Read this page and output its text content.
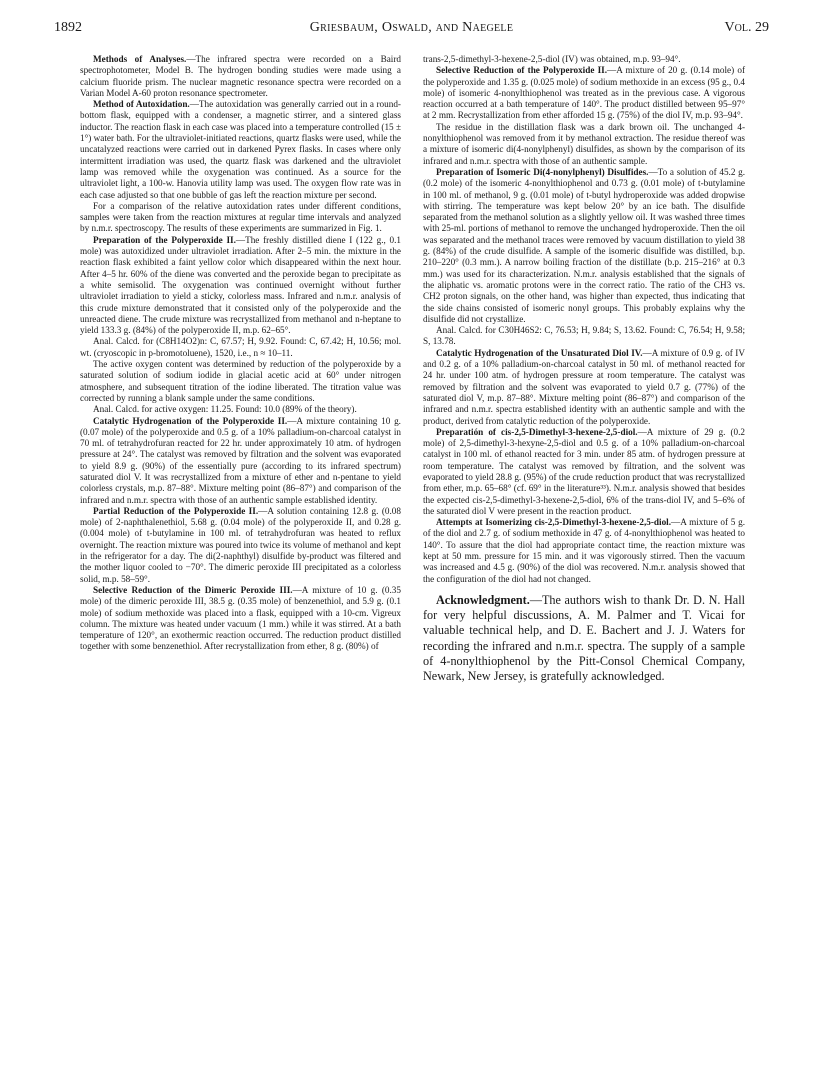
1892	Griesbaum, Oswald, and Naegele	Vol. 29

Methods of Analyses.—The infrared spectra were recorded on a Baird spectrophotometer, Model B. The hydrogen bonding studies were made using a calcium fluoride prism. The nuclear magnetic resonance spectra were recorded on a Varian Model A-60 proton resonance spectrometer.

Method of Autoxidation.—The autoxidation was generally carried out in a round-bottom flask, equipped with a condenser, a magnetic stirrer, and a sintered glass inductor. The reaction flask in each case was placed into a temperature controlled (15 ± 1°) water bath. For the ultraviolet-initiated reactions, quartz flasks were used, while the uncatalyzed reactions were carried out in darkened Pyrex flasks. In cases where only intermittent irradiation was used, the quartz flask was darkened and the ultraviolet lamp was removed while the oxygenation was continued. As a source for the ultraviolet light, a 100-w. Hanovia utility lamp was used. The oxygen flow rate was in each case adjusted so that one bubble of gas left the reaction mixture per second.

For a comparison of the relative autoxidation rates under different conditions, samples were taken from the reaction mixtures at regular time intervals and analyzed by n.m.r. spectroscopy. The results of these experiments are summarized in Fig. 1.

Preparation of the Polyperoxide II.—The freshly distilled diene I (122 g., 0.1 mole) was autoxidized under ultraviolet irradiation. After 2–5 min. the mixture in the reaction flask exhibited a faint yellow color which disappeared within the next hour. After 4–5 hr. 60% of the diene was converted and the peroxide began to precipitate as a white semisolid. The oxygenation was continued overnight without further ultraviolet irradiation to yield a sticky, colorless mass. Infrared and n.m.r. analysis of this crude mixture demonstrated that it consisted only of the polyperoxide and the unreacted diene. The crude mixture was recrystallized from methanol and n-heptane to yield 133.3 g. (84%) of the polyperoxide II, m.p. 62–65°.

Anal. Calcd. for (C8H14O2)n: C, 67.57; H, 9.92. Found: C, 67.42; H, 10.56; mol. wt. (cryoscopic in p-bromotoluene), 1520, i.e., n ≈ 10–11.

The active oxygen content was determined by reduction of the polyperoxide by a saturated solution of sodium iodide in glacial acetic acid at 60° under nitrogen atmosphere, and subsequent titration of the iodine liberated. The titration value was corrected by running a blank sample under the same conditions.

Anal. Calcd. for active oxygen: 11.25. Found: 10.0 (89% of the theory).

Catalytic Hydrogenation of the Polyperoxide II.—A mixture containing 10 g. (0.07 mole) of the polyperoxide and 0.5 g. of a 10% palladium-on-charcoal catalyst in 70 ml. of tetrahydrofuran reacted for 22 hr. under approximately 10 atm. of hydrogen pressure at 24°. The catalyst was removed by filtration and the solvent was evaporated to yield 8.9 g. (90%) of the essentially pure (according to its infrared spectrum) saturated diol V. It was recrystallized from a mixture of ether and n-pentane to yield colorless crystals, m.p. 87–88°. Mixture melting point (86–87°) and comparison of the infrared and n.m.r. spectra with those of an authentic sample established identity.

Partial Reduction of the Polyperoxide II.—A solution containing 12.8 g. (0.08 mole) of 2-naphthalenethiol, 5.68 g. (0.04 mole) of the polyperoxide II, and 0.28 g. (0.004 mole) of t-butylamine in 100 ml. of tetrahydrofuran was heated to reflux overnight. The reaction mixture was poured into twice its volume of methanol and kept in the refrigerator for a day. The di(2-naphthyl) disulfide by-product was filtered and the mother liquor cooled to −70°. The dimeric peroxide III precipitated as a colorless solid, m.p. 58–59°.

Selective Reduction of the Dimeric Peroxide III.—A mixture of 10 g. (0.35 mole) of the dimeric peroxide III, 38.5 g. (0.35 mole) of benzenethiol, and 5.9 g. (0.1 mole) of sodium methoxide was placed into a flask, equipped with a 10-cm. Vigreux column. The mixture was heated under vacuum (1 mm.) while it was stirred. At a bath temperature of 120°, an exothermic reaction occurred. The reduction product distilled together with some benzenethiol. After recrystallization from ether, 8 g. (80%) of

trans-2,5-dimethyl-3-hexene-2,5-diol (IV) was obtained, m.p. 93–94°.

Selective Reduction of the Polyperoxide II.—A mixture of 20 g. (0.14 mole) of the polyperoxide and 1.35 g. (0.025 mole) of sodium methoxide in an excess (95 g., 0.4 mole) of isomeric 4-nonylthiophenol was treated as in the previous case. A vigorous reaction occurred at a bath temperature of 140°. The product distilled between 95–97° at 2 mm. Recrystallization from ether afforded 15 g. (75%) of the diol IV, m.p. 93–94°.

The residue in the distillation flask was a dark brown oil. The unchanged 4-nonylthiophenol was removed from it by methanol extraction. The residue thereof was a mixture of isomeric di(4-nonylphenyl) disulfides, as shown by the comparison of its infrared and n.m.r. spectra with those of an authentic sample.

Preparation of Isomeric Di(4-nonylphenyl) Disulfides.—To a solution of 45.2 g. (0.2 mole) of the isomeric 4-nonylthiophenol and 0.73 g. (0.01 mole) of t-butylamine in 100 ml. of methanol, 9 g. (0.01 mole) of t-butyl hydroperoxide was added dropwise with stirring. The temperature was kept below 20° by an ice bath. The disulfide separated from the methanol solution as a slightly yellow oil. It was washed three times with 25-ml. portions of methanol to remove the unchanged hydroperoxide. Then the oil was separated and the methanol traces were removed by vacuum distillation to yield 38 g. (84%) of the crude disulfide. A sample of the isomeric disulfide was distilled, b.p. 210–220° (0.3 mm.). A narrow boiling fraction of the distillate (b.p. 215–216° at 0.3 mm.) was used for its characterization. N.m.r. analysis established that the signals of the aliphatic vs. aromatic protons were in the correct ratio. The ratio of the CH3 vs. CH2 proton signals, on the other hand, was higher than expected, thus indicating that the side chains consisted of isomeric nonyl groups. This probably explains why the disulfide did not crystallize.

Anal. Calcd. for C30H46S2: C, 76.53; H, 9.84; S, 13.62. Found: C, 76.54; H, 9.58; S, 13.78.

Catalytic Hydrogenation of the Unsaturated Diol IV.—A mixture of 0.9 g. of IV and 0.2 g. of a 10% palladium-on-charcoal catalyst in 50 ml. of methanol reacted for 24 hr. under 100 atm. of hydrogen pressure at room temperature. The catalyst was removed by filtration and the solvent was evaporated to yield 0.7 g. (77%) of the saturated diol V, m.p. 87–88°. Mixture melting point (86–87°) and comparison of the infrared and n.m.r. spectra established identity with an authentic sample and with the product, derived from catalytic reduction of the polyperoxide.

Preparatión of cis-2,5-Dimethyl-3-hexene-2,5-diol.—A mixture of 29 g. (0.2 mole) of 2,5-dimethyl-3-hexyne-2,5-diol and 0.5 g. of a 10% palladium-on-charcoal catalyst in 100 ml. of ethanol reacted for 3 min. under 85 atm. of hydrogen pressure at room temperature. The catalyst was removed by filtration, and the solvent was evaporated to yield 28.8 g. (95%) of the crude reduction product that was recrystallized from ether, m.p. 65–68° (cf. 69° in the literature³³). N.m.r. analysis showed that besides the expected cis-2,5-dimethyl-3-hexene-2,5-diol, 6% of the trans-diol IV, and 5–6% of the saturated diol V were present in the reaction product.

Attempts at Isomerizing cis-2,5-Dimethyl-3-hexene-2,5-diol.—A mixture of 5 g. of the diol and 2.7 g. of sodium methoxide in 47 g. of 4-nonylthiophenol was heated to 140°. To assure that the diol had appropriate contact time, the reaction mixture was kept at 50 mm. pressure for 15 min. and it was vigorously stirred. Then the vacuum was increased and 4.5 g. (90%) of the diol was recovered. N.m.r. analysis showed that the configuration of the diol had not changed.

Acknowledgment.—The authors wish to thank Dr. D. N. Hall for very helpful discussions, A. M. Palmer and T. Vicai for valuable technical help, and D. E. Bachert and J. J. Waters for recording the infrared and n.m.r. spectra. The supply of a sample of 4-nonylthiophenol by the Pitt-Consol Chemical Company, Newark, New Jersey, is gratefully acknowledged.
